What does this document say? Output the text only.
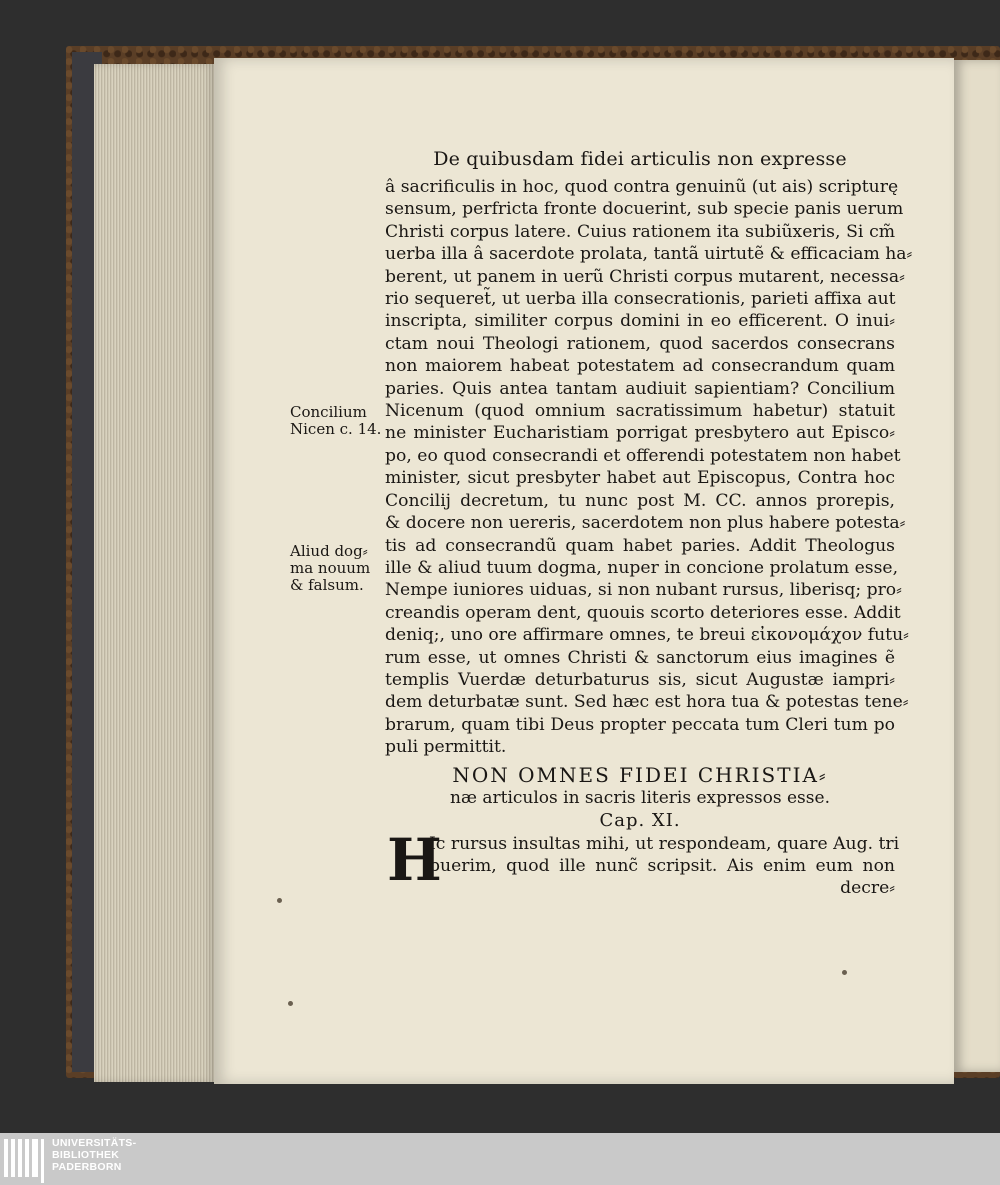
De quibusdam fidei articulis non expresse
â sacrificulis in hoc, quod contra genuinũ (ut ais) scripturę
sensum, perfricta fronte docuerint, sub specie panis uerum
Christi corpus latere. Cuius rationem ita subiũxeris, Si cm̃
uerba illa â sacerdote prolata, tantã uirtutẽ & efficaciam ha⸗
berent, ut panem in uerũ Christi corpus mutarent, necessa⸗
rio sequeret̃, ut uerba illa consecrationis, parieti affixa aut
inscripta, similiter corpus domini in eo efficerent. O inui⸗
ctam noui Theologi rationem, quod sacerdos consecrans
non maiorem habeat potestatem ad consecrandum quam
paries. Quis antea tantam audiuit sapientiam? Concilium
Nicenum (quod omnium sacratissimum habetur) statuit
ne minister Eucharistiam porrigat presbytero aut Episco⸗
po, eo quod consecrandi et offerendi potestatem non habet
minister, sicut presbyter habet aut Episcopus, Contra hoc
Concilij decretum, tu nunc post M. CC. annos prorepis,
& docere non uereris, sacerdotem non plus habere potesta⸗
tis ad consecrandũ quam habet paries. Addit Theologus
ille & aliud tuum dogma, nuper in concione prolatum esse,
Nempe iuniores uiduas, si non nubant rursus, liberisq; pro⸗
creandis operam dent, quouis scorto deteriores esse. Addit
deniq;, uno ore affirmare omnes, te breui εἰκονομάχον futu⸗
rum esse, ut omnes Christi & sanctorum eius imagines ẽ
templis Vuerdæ deturbaturus sis, sicut Augustæ iampri⸗
dem deturbatæ sunt. Sed hæc est hora tua & potestas tene⸗
brarum, quam tibi Deus propter peccata tum Cleri tum po
puli permittit.
NON OMNES FIDEI CHRISTIA⸗
næ articulos in sacris literis expressos esse.
Cap. XI.
H
Ic rursus insultas mihi, ut respondeam, quare Aug. tri
buerim, quod ille nunc̃ scripsit. Ais enim eum non
decre⸗
Concilium
Nicen c. 14.
Aliud dog⸗
ma nouum
& falsum.
UNIVERSITÄTS-
BIBLIOTHEK
PADERBORN
